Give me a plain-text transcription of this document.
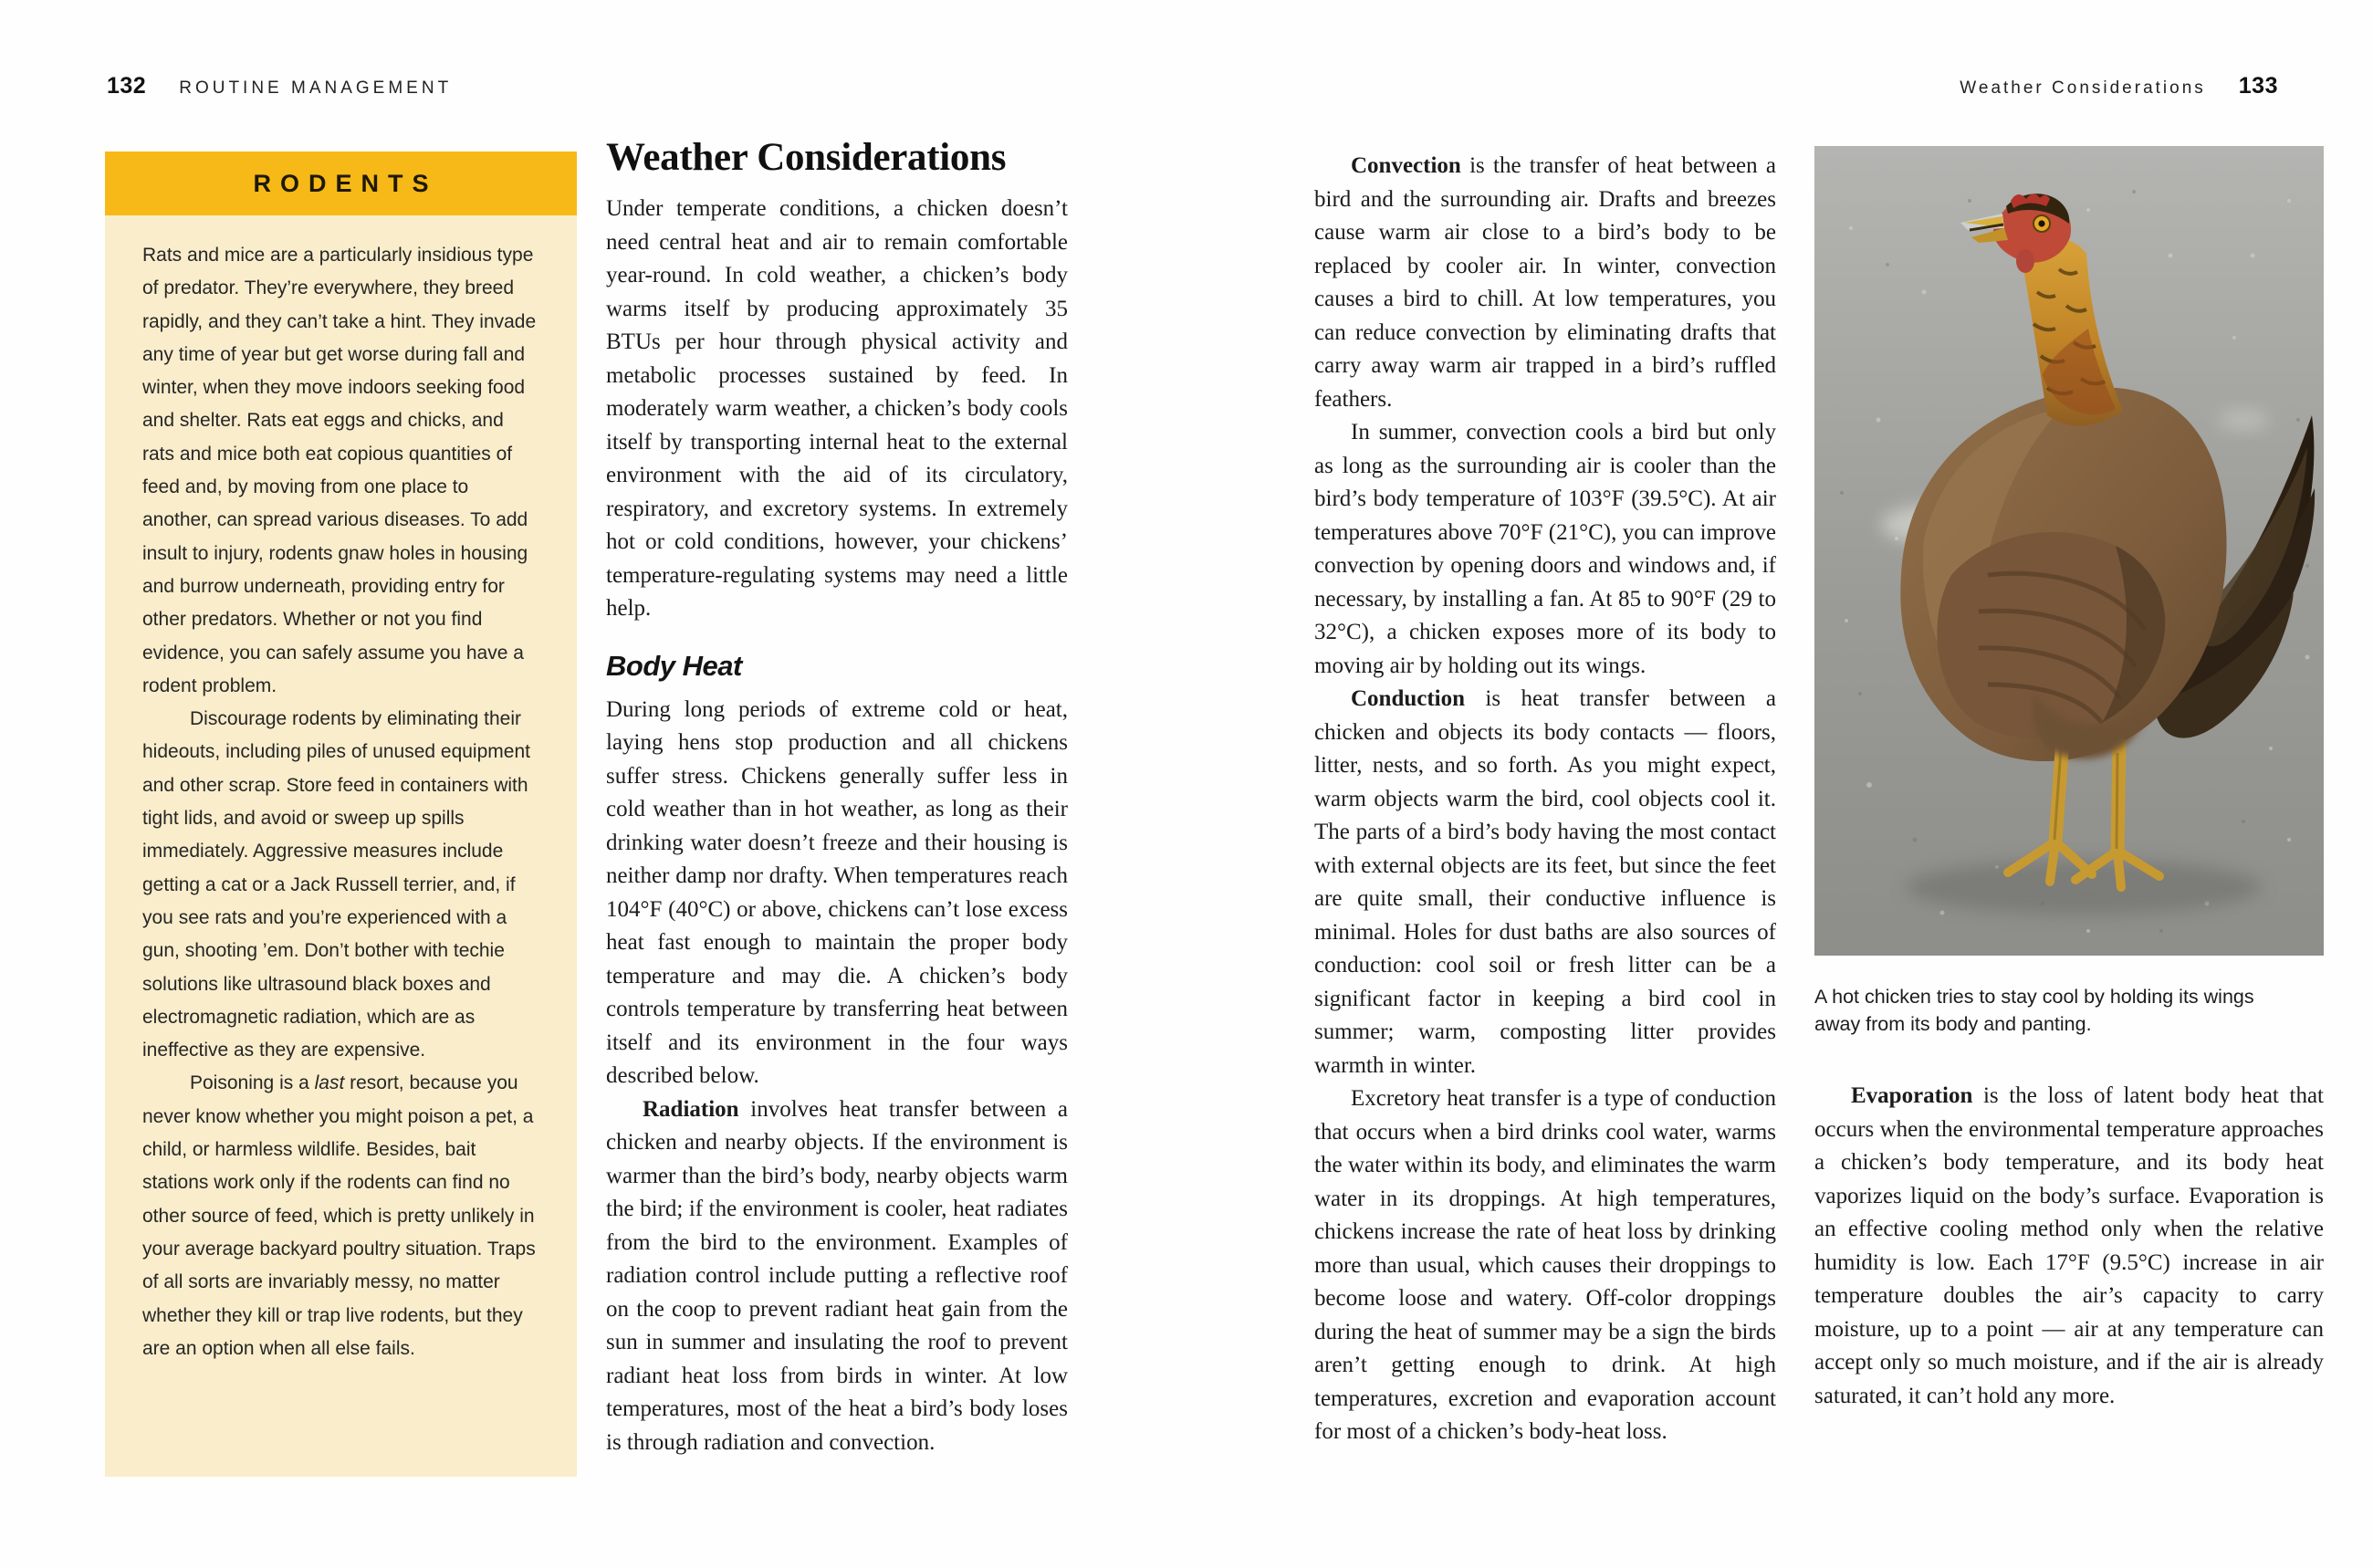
132 ROUTINE MANAGEMENT	Weather Considerations 133
RODENTS

Rats and mice are a particularly insidious type of predator. They’re everywhere, they breed rapidly, and they can’t take a hint. They invade any time of year but get worse during fall and winter, when they move indoors seeking food and shelter. Rats eat eggs and chicks, and rats and mice both eat copious quantities of feed and, by moving from one place to another, can spread various diseases. To add insult to injury, rodents gnaw holes in housing and burrow underneath, providing entry for other predators. Whether or not you find evidence, you can safely assume you have a rodent problem.

Discourage rodents by eliminating their hideouts, including piles of unused equipment and other scrap. Store feed in containers with tight lids, and avoid or sweep up spills immediately. Aggressive measures include getting a cat or a Jack Russell terrier, and, if you see rats and you’re experienced with a gun, shooting ’em. Don’t bother with techie solutions like ultrasound black boxes and electromagnetic radiation, which are as ineffective as they are expensive.

Poisoning is a last resort, because you never know whether you might poison a pet, a child, or harmless wildlife. Besides, bait stations work only if the rodents can find no other source of feed, which is pretty unlikely in your average backyard poultry situation. Traps of all sorts are invariably messy, no matter whether they kill or trap live rodents, but they are an option when all else fails.

Weather Considerations

Under temperate conditions, a chicken doesn’t need central heat and air to remain comfortable year-round. In cold weather, a chicken’s body warms itself by producing approximately 35 BTUs per hour through physical activity and metabolic processes sustained by feed. In moderately warm weather, a chicken’s body cools itself by transporting internal heat to the external environment with the aid of its circulatory, respiratory, and excretory systems. In extremely hot or cold conditions, however, your chickens’ temperature-regulating systems may need a little help.

Body Heat

During long periods of extreme cold or heat, laying hens stop production and all chickens suffer stress. Chickens generally suffer less in cold weather than in hot weather, as long as their drinking water doesn’t freeze and their housing is neither damp nor drafty. When temperatures reach 104°F (40°C) or above, chickens can’t lose excess heat fast enough to maintain the proper body temperature and may die. A chicken’s body controls temperature by transferring heat between itself and its environment in the four ways described below.

Radiation involves heat transfer between a chicken and nearby objects. If the environment is warmer than the bird’s body, nearby objects warm the bird; if the environment is cooler, heat radiates from the bird to the environment. Examples of radiation control include putting a reflective roof on the coop to prevent radiant heat gain from the sun in summer and insulating the roof to prevent radiant heat loss from birds in winter. At low temperatures, most of the heat a bird’s body loses is through radiation and convection.

Convection is the transfer of heat between a bird and the surrounding air. Drafts and breezes cause warm air close to a bird’s body to be replaced by cooler air. In winter, convection causes a bird to chill. At low temperatures, you can reduce convection by eliminating drafts that carry away warm air trapped in a bird’s ruffled feathers.

In summer, convection cools a bird but only as long as the surrounding air is cooler than the bird’s body temperature of 103°F (39.5°C). At air temperatures above 70°F (21°C), you can improve convection by opening doors and windows and, if necessary, by installing a fan. At 85 to 90°F (29 to 32°C), a chicken exposes more of its body to moving air by holding out its wings.

Conduction is heat transfer between a chicken and objects its body contacts — floors, litter, nests, and so forth. As you might expect, warm objects warm the bird, cool objects cool it. The parts of a bird’s body having the most contact with external objects are its feet, but since the feet are quite small, their conductive influence is minimal. Holes for dust baths are also sources of conduction: cool soil or fresh litter can be a significant factor in keeping a bird cool in summer; warm, composting litter provides warmth in winter.

Excretory heat transfer is a type of conduction that occurs when a bird drinks cool water, warms the water within its body, and eliminates the warm water in its droppings. At high temperatures, chickens increase the rate of heat loss by drinking more than usual, which causes their droppings to become loose and watery. Off-color droppings during the heat of summer may be a sign the birds aren’t getting enough to drink. At high temperatures, excretion and evaporation account for most of a chicken’s body-heat loss.

A hot chicken tries to stay cool by holding its wings away from its body and panting.

Evaporation is the loss of latent body heat that occurs when the environmental temperature approaches a chicken’s body temperature, and its body heat vaporizes liquid on the body’s surface. Evaporation is an effective cooling method only when the relative humidity is low. Each 17°F (9.5°C) increase in air temperature doubles the air’s capacity to carry moisture, up to a point — air at any temperature can accept only so much moisture, and if the air is already saturated, it can’t hold any more.
